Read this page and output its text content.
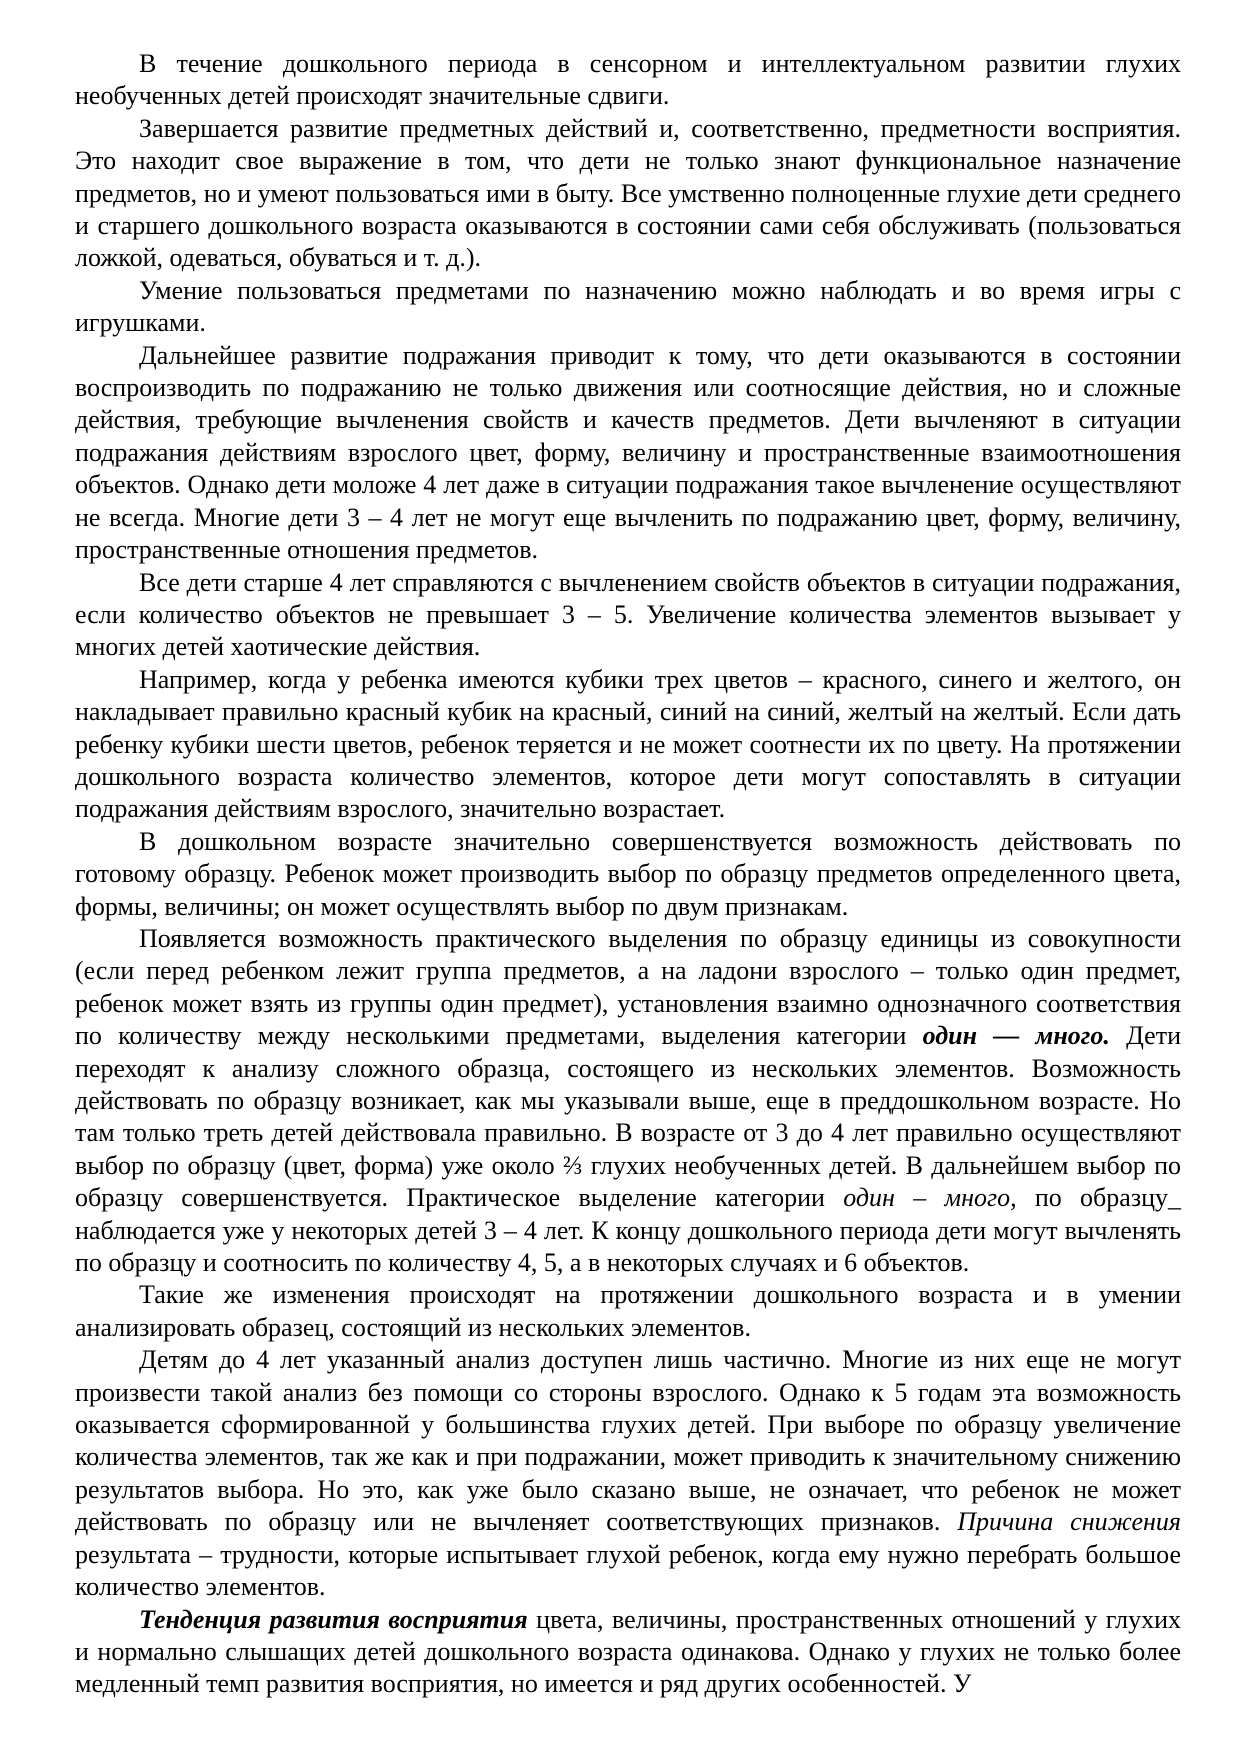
В течение дошкольного периода в сенсорном и интеллектуальном развитии глухих необученных детей происходят значительные сдвиги.

Завершается развитие предметных действий и, соответственно, предметности восприятия. Это находит свое выражение в том, что дети не только знают функциональное назначение предметов, но и умеют пользоваться ими в быту. Все умственно полноценные глухие дети среднего и старшего дошкольного возраста оказываются в состоянии сами себя обслуживать (пользоваться ложкой, одеваться, обуваться и т. д.).

Умение пользоваться предметами по назначению можно наблюдать и во время игры с игрушками.

Дальнейшее развитие подражания приводит к тому, что дети оказываются в состоянии воспроизводить по подражанию не только движения или соотносящие действия, но и сложные действия, требующие вычленения свойств и качеств предметов. Дети вычленяют в ситуации подражания действиям взрослого цвет, форму, величину и пространственные взаимоотношения объектов. Однако дети моложе 4 лет даже в ситуации подражания такое вычленение осуществляют не всегда. Многие дети 3 – 4 лет не могут еще вычленить по подражанию цвет, форму, величину, пространственные отношения предметов.

Все дети старше 4 лет справляются с вычленением свойств объектов в ситуации подражания, если количество объектов не превышает 3 – 5. Увеличение количества элементов вызывает у многих детей хаотические действия.

Например, когда у ребенка имеются кубики трех цветов – красного, синего и желтого, он накладывает правильно красный кубик на красный, синий на синий, желтый на желтый. Если дать ребенку кубики шести цветов, ребенок теряется и не может соотнести их по цвету. На протяжении дошкольного возраста количество элементов, которое дети могут сопоставлять в ситуации подражания действиям взрослого, значительно возрастает.

В дошкольном возрасте значительно совершенствуется возможность действовать по готовому образцу. Ребенок может производить выбор по образцу предметов определенного цвета, формы, величины; он может осуществлять выбор по двум признакам.

Появляется возможность практического выделения по образцу единицы из совокупности (если перед ребенком лежит группа предметов, а на ладони взрослого – только один предмет, ребенок может взять из группы один предмет), установления взаимно однозначного соответствия по количеству между несколькими предметами, выделения категории один — много. Дети переходят к анализу сложного образца, состоящего из нескольких элементов. Возможность действовать по образцу возникает, как мы указывали выше, еще в преддошкольном возрасте. Но там только треть детей действовала правильно. В возрасте от 3 до 4 лет правильно осуществляют выбор по образцу (цвет, форма) уже около ⅔ глухих необученных детей. В дальнейшем выбор по образцу совершенствуется. Практическое выделение категории один – много, по образцу_ наблюдается уже у некоторых детей 3 – 4 лет. К концу дошкольного периода дети могут вычленять по образцу и соотносить по количеству 4, 5, а в некоторых случаях и 6 объектов.

Такие же изменения происходят на протяжении дошкольного возраста и в умении анализировать образец, состоящий из нескольких элементов.

Детям до 4 лет указанный анализ доступен лишь частично. Многие из них еще не могут произвести такой анализ без помощи со стороны взрослого. Однако к 5 годам эта возможность оказывается сформированной у большинства глухих детей. При выборе по образцу увеличение количества элементов, так же как и при подражании, может приводить к значительному снижению результатов выбора. Но это, как уже было сказано выше, не означает, что ребенок не может действовать по образцу или не вычленяет соответствующих признаков. Причина снижения результата – трудности, которые испытывает глухой ребенок, когда ему нужно перебрать большое количество элементов.

Тенденция развития восприятия цвета, величины, пространственных отношений у глухих и нормально слышащих детей дошкольного возраста одинакова. Однако у глухих не только более медленный темп развития восприятия, но имеется и ряд других особенностей. У
